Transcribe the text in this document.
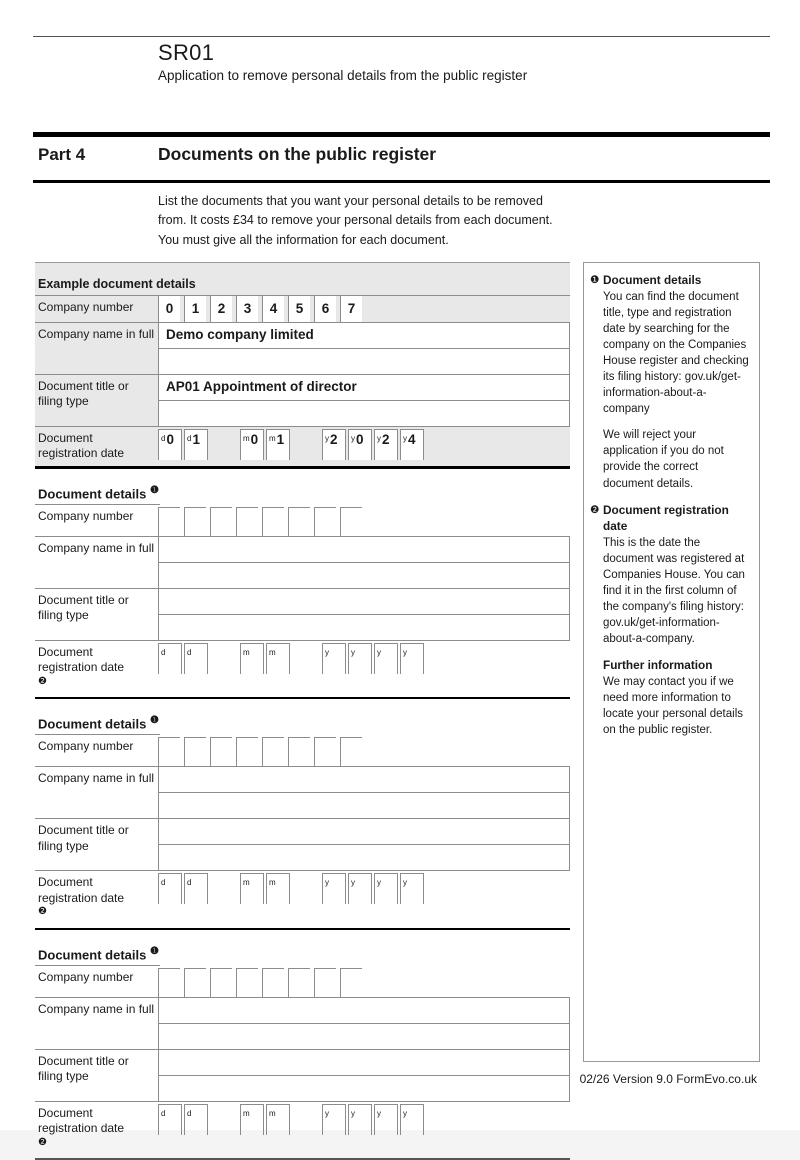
SR01
Application to remove personal details from the public register
Part 4	Documents on the public register
List the documents that you want your personal details to be removed from. It costs £34 to remove your personal details from each document. You must give all the information for each document.
Example document details
Company number	0	1	2	3	4	5	6	7
Company name in full Demo company limited
Document title or filing type
AP01 Appointment of director
Document registration date
d0	d1	m0	m1	y2	y0	y2	y4
Document details $^❶$
Company number
Company name in full
Document title or filing type
Document registration date $^❷$
d	d	m	m	y	y	y	y
Document details $^❶$
Company number
Company name in full
Document title or filing type
Document registration date $^❷$
d	d	m	m	y	y	y	y
Document details $^❶$
Company number
Company name in full
Document title or filing type
Document registration date $^❷$
d	d	m	m	y	y	y	y
❶ Document details

You can find the document title, type and registration date by searching for the company on the Companies House register and checking its filing history: gov.uk/get-information-about-a-company

We will reject your application if you do not provide the correct document details.

❷ Document registration date

This is the date the document was registered at Companies House. You can find it in the first column of the company's filing history: gov.uk/get-information-about-a-company.

Further information

We may contact you if we need more information to locate your personal details on the public register.

02/26 Version 9.0 FormEvo.co.uk
